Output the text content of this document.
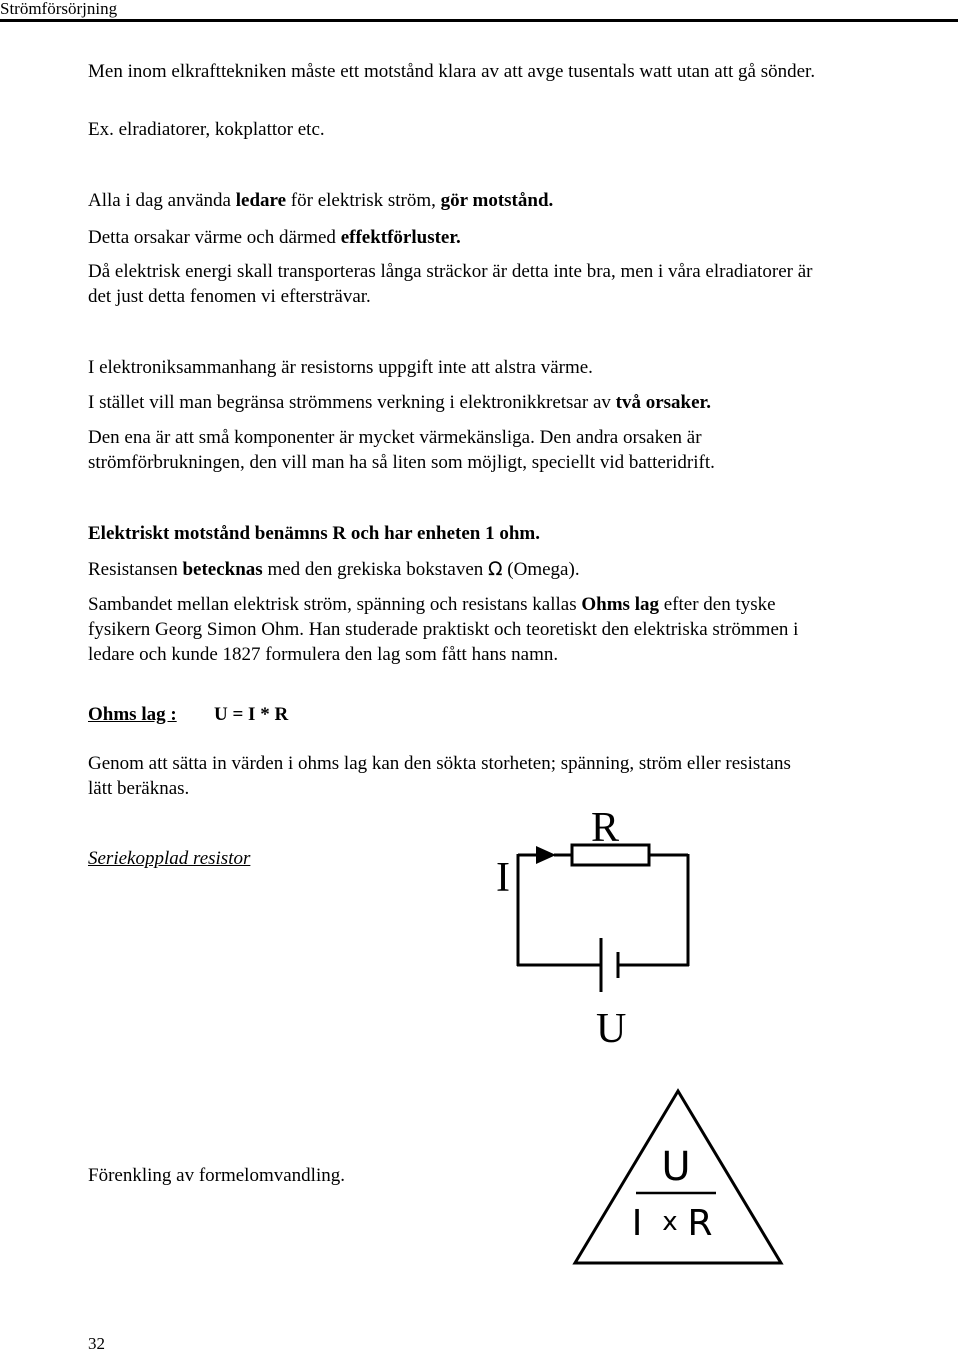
Strömförsörjning

Men inom elkrafttekniken måste ett motstånd klara av att avge tusentals watt utan att gå sönder.

Ex. elradiatorer, kokplattor etc.

Alla i dag använda ledare för elektrisk ström, gör motstånd.

Detta orsakar värme och därmed effektförluster.

Då elektrisk energi skall transporteras långa sträckor är detta inte bra, men i våra elradiatorer är det just detta fenomen vi eftersträvar.

I elektroniksammanhang är resistorns uppgift inte att alstra värme.

I stället vill man begränsa strömmens verkning i elektronikkretsar av två orsaker.

Den ena är att små komponenter är mycket värmekänsliga. Den andra orsaken är strömförbrukningen, den vill man ha så liten som möjligt, speciellt vid batteridrift.

Elektriskt motstånd benämns R och har enheten 1 ohm.

Resistansen betecknas med den grekiska bokstaven Ω (Omega).

Sambandet mellan elektrisk ström, spänning och resistans kallas Ohms lag efter den tyske fysikern Georg Simon Ohm. Han studerade praktiskt och teoretiskt den elektriska strömmen i ledare och kunde 1827 formulera den lag som fått hans namn.

Ohms lag : U = I * R

Genom att sätta in värden i ohms lag kan den sökta storheten; spänning, ström eller resistans lätt beräknas.

Seriekopplad resistor

R
I
U

Förenkling av formelomvandling.	U
I x R
32
